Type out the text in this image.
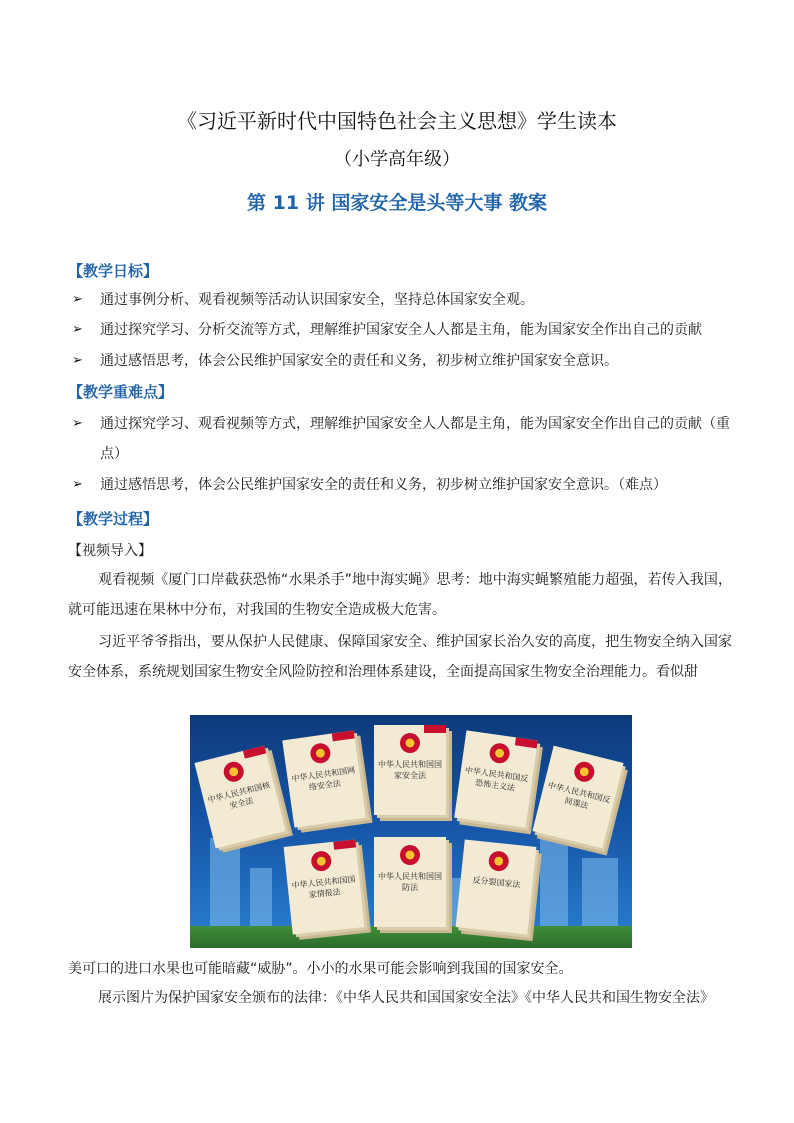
《习近平新时代中国特色社会主义思想》学生读本
（小学高年级）
第 11 讲 国家安全是头等大事 教案
【教学日标】
➢	通过事例分析、观看视频等活动认识国家安全，坚持总体国家安全观。
➢	通过探究学习、分析交流等方式，理解维护国家安全人人都是主角，能为国家安全作出自己的贡献
➢	通过感悟思考，体会公民维护国家安全的责任和义务，初步树立维护国家安全意识。
【教学重难点】
➢	通过探究学习、观看视频等方式，理解维护国家安全人人都是主角，能为国家安全作出自己的贡献（重点）
➢	通过感悟思考，体会公民维护国家安全的责任和义务，初步树立维护国家安全意识。（难点）
【教学过程】
【视频导入】
观看视频《厦门口岸截获恐怖“水果杀手”地中海实蝇》思考：地中海实蝇繁殖能力超强，若传入我国，就可能迅速在果林中分布，对我国的生物安全造成极大危害。
习近平爷爷指出，要从保护人民健康、保障国家安全、维护国家长治久安的高度，把生物安全纳入国家安全体系，系统规划国家生物安全风险防控和治理体系建设，全面提高国家生物安全治理能力。看似甜
中华人民共和国核安全法
中华人民共和国网络安全法
中华人民共和国国家安全法	中华人民共和国反恐怖主义法	中华人民共和国反间谍法
中华人民共和国国家情报法
中华人民共和国国防法	反分裂国家法
美可口的进口水果也可能暗藏“威胁”。小小的水果可能会影响到我国的国家安全。
展示图片为保护国家安全颁布的法律：《中华人民共和国国家安全法》《中华人民共和国生物安全法》
